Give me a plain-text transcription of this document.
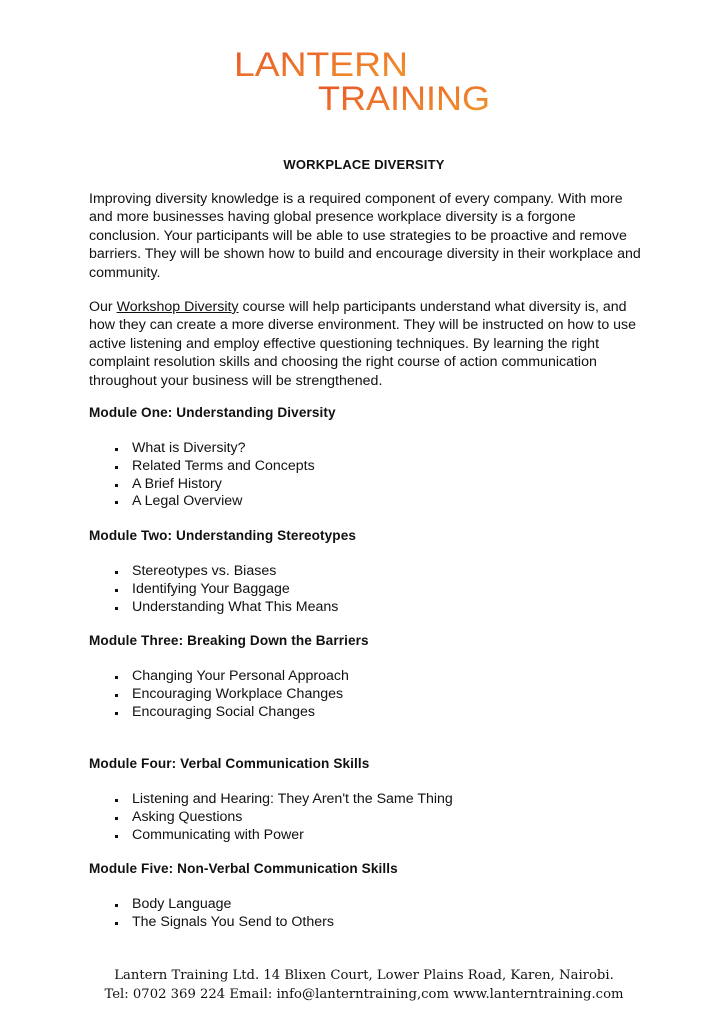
LANTERN
TRAINING
WORKPLACE DIVERSITY

Improving diversity knowledge is a required component of every company. With more and more businesses having global presence workplace diversity is a forgone conclusion. Your participants will be able to use strategies to be proactive and remove barriers. They will be shown how to build and encourage diversity in their workplace and community.

Our Workshop Diversity course will help participants understand what diversity is, and how they can create a more diverse environment. They will be instructed on how to use active listening and employ effective questioning techniques. By learning the right complaint resolution skills and choosing the right course of action communication throughout your business will be strengthened.

Module One: Understanding Diversity
What is Diversity?
Related Terms and Concepts
A Brief History
A Legal Overview
Module Two: Understanding Stereotypes
Stereotypes vs. Biases
Identifying Your Baggage
Understanding What This Means
Module Three: Breaking Down the Barriers
Changing Your Personal Approach
Encouraging Workplace Changes
Encouraging Social Changes
Module Four: Verbal Communication Skills
Listening and Hearing: They Aren't the Same Thing
Asking Questions
Communicating with Power
Module Five: Non-Verbal Communication Skills
Body Language
The Signals You Send to Others
Lantern Training Ltd. 14 Blixen Court, Lower Plains Road, Karen, Nairobi.
Tel: 0702 369 224 Email: info@lanterntraining,com www.lanterntraining.com
